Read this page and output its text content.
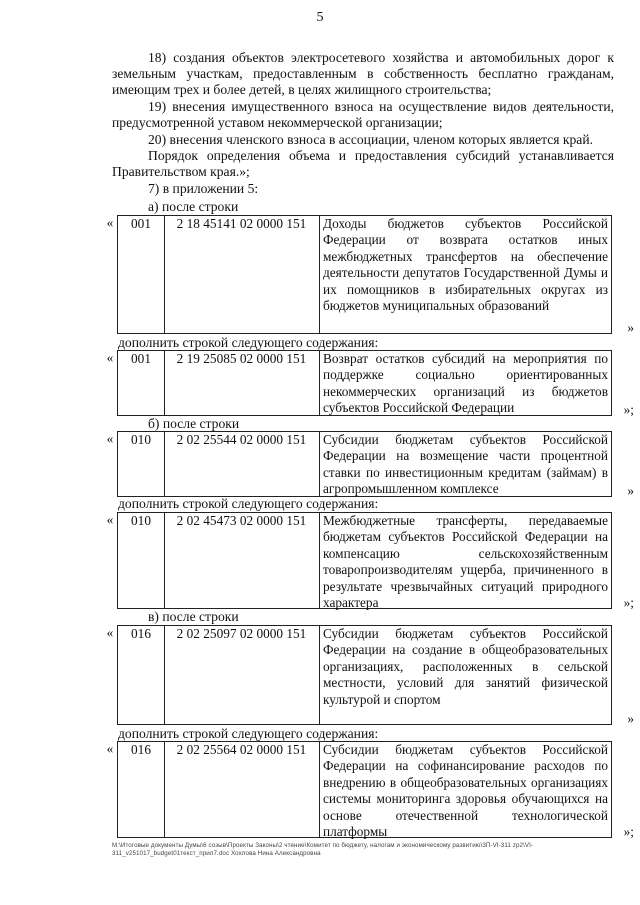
5
18) создания объектов электросетевого хозяйства и автомобильных дорог к земельным участкам, предоставленным в собственность бесплатно гражданам, имеющим трех и более детей, в целях жилищного строительства;
19) внесения имущественного взноса на осуществление видов деятельности, предусмотренной уставом некоммерческой организации;
20) внесения членского взноса в ассоциации, членом которых является край.
Порядок определения объема и предоставления субсидий устанавливается Правительством края.»;
7) в приложении 5:
а) после строки
«	001	2 18 45141 02 0000 151	Доходы бюджетов субъектов Российской Федерации от возврата остатков иных межбюджетных трансфертов на обеспечение деятельности депутатов Государственной Думы и их помощников в избирательных округах из бюджетов муниципальных образований
»
дополнить строкой следующего содержания:
«	001	2 19 25085 02 0000 151	Возврат остатков субсидий на мероприятия по поддержке социально ориентированных некоммерческих организаций из бюджетов субъектов Российской Федерации	»;
б) после строки
«	010	2 02 25544 02 0000 151	Субсидии бюджетам субъектов Российской Федерации на возмещение части процентной ставки по инвестиционным кредитам (займам) в агропромышленном комплексе	»
дополнить строкой следующего содержания:
«	010	2 02 45473 02 0000 151	Межбюджетные трансферты, передаваемые бюджетам субъектов Российской Федерации на компенсацию сельскохозяйственным товаропроизводителям ущерба, причиненного в результате чрезвычайных ситуаций природного характера	»;
в) после строки
«	016	2 02 25097 02 0000 151	Субсидии бюджетам субъектов Российской Федерации на создание в общеобразовательных организациях, расположенных в сельской местности, условий для занятий физической культурой и спортом
»
дополнить строкой следующего содержания:
«	016	2 02 25564 02 0000 151	Субсидии бюджетам субъектов Российской Федерации на софинансирование расходов по внедрению в общеобразовательных организациях системы мониторинга здоровья обучающихся на основе отечественной технологической платформы	»;
M:\Итоговые документы Думы\6 созыв\Проекты Законы\2 чтение\Комитет по бюджету, налогам и экономическому развитию\3П-VI-311 zp2\VI-311_v251017_budget01текст_прил7.doc Хохлова Нина Александровна
